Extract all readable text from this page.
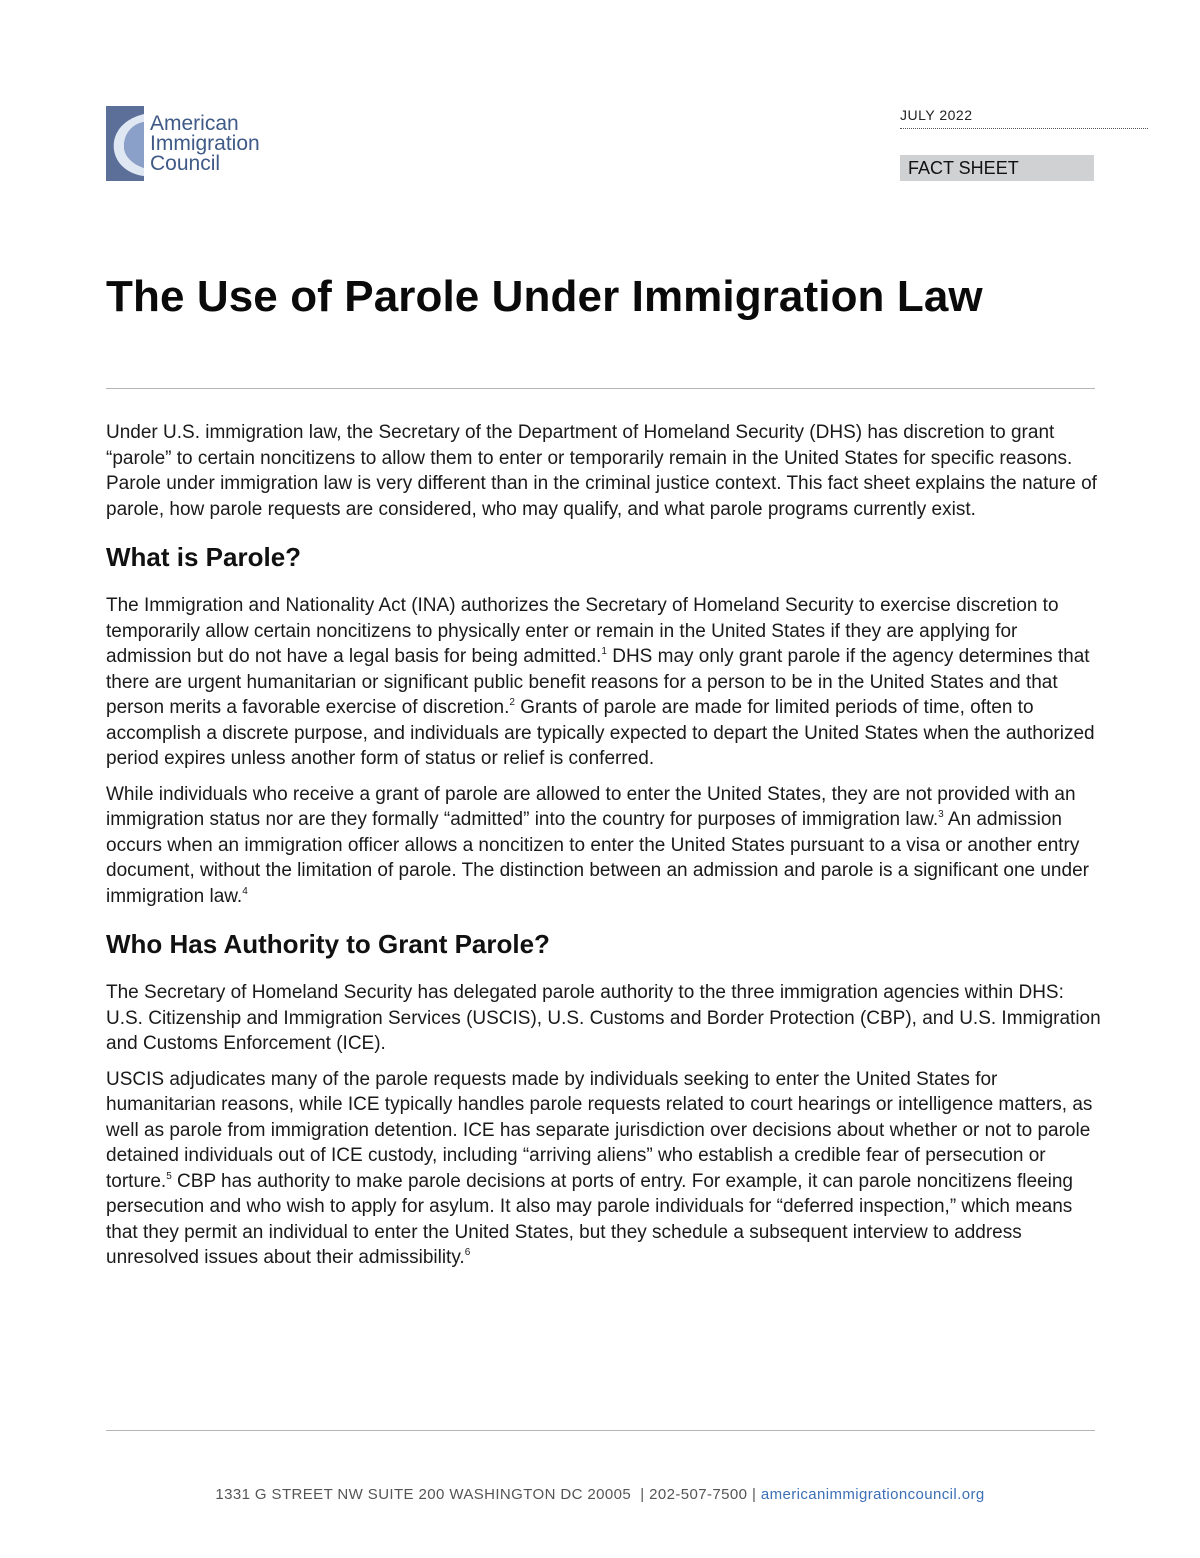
American
Immigration
Council
JULY 2022
FACT SHEET
The Use of Parole Under Immigration Law

Under U.S. immigration law, the Secretary of the Department of Homeland Security (DHS) has discretion to grant “parole” to certain noncitizens to allow them to enter or temporarily remain in the United States for specific reasons. Parole under immigration law is very different than in the criminal justice context. This fact sheet explains the nature of parole, how parole requests are considered, who may qualify, and what parole programs currently exist.

What is Parole?

The Immigration and Nationality Act (INA) authorizes the Secretary of Homeland Security to exercise discretion to temporarily allow certain noncitizens to physically enter or remain in the United States if they are applying for admission but do not have a legal basis for being admitted.$^1$ DHS may only grant parole if the agency determines that there are urgent humanitarian or significant public benefit reasons for a person to be in the United States and that person merits a favorable exercise of discretion.$^2$ Grants of parole are made for limited periods of time, often to accomplish a discrete purpose, and individuals are typically expected to depart the United States when the authorized period expires unless another form of status or relief is conferred.

While individuals who receive a grant of parole are allowed to enter the United States, they are not provided with an immigration status nor are they formally “admitted” into the country for purposes of immigration law.$^3$ An admission occurs when an immigration officer allows a noncitizen to enter the United States pursuant to a visa or another entry document, without the limitation of parole. The distinction between an admission and parole is a significant one under immigration law.$^4$

Who Has Authority to Grant Parole?

The Secretary of Homeland Security has delegated parole authority to the three immigration agencies within DHS: U.S. Citizenship and Immigration Services (USCIS), U.S. Customs and Border Protection (CBP), and U.S. Immigration and Customs Enforcement (ICE).

USCIS adjudicates many of the parole requests made by individuals seeking to enter the United States for humanitarian reasons, while ICE typically handles parole requests related to court hearings or intelligence matters, as well as parole from immigration detention. ICE has separate jurisdiction over decisions about whether or not to parole detained individuals out of ICE custody, including “arriving aliens” who establish a credible fear of persecution or torture.$^5$ CBP has authority to make parole decisions at ports of entry. For example, it can parole noncitizens fleeing persecution and who wish to apply for asylum. It also may parole individuals for “deferred inspection,” which means that they permit an individual to enter the United States, but they schedule a subsequent interview to address unresolved issues about their admissibility.$^6$

1331 G STREET NW SUITE 200 WASHINGTON DC 20005  | 202-507-7500 | americanimmigrationcouncil.org
